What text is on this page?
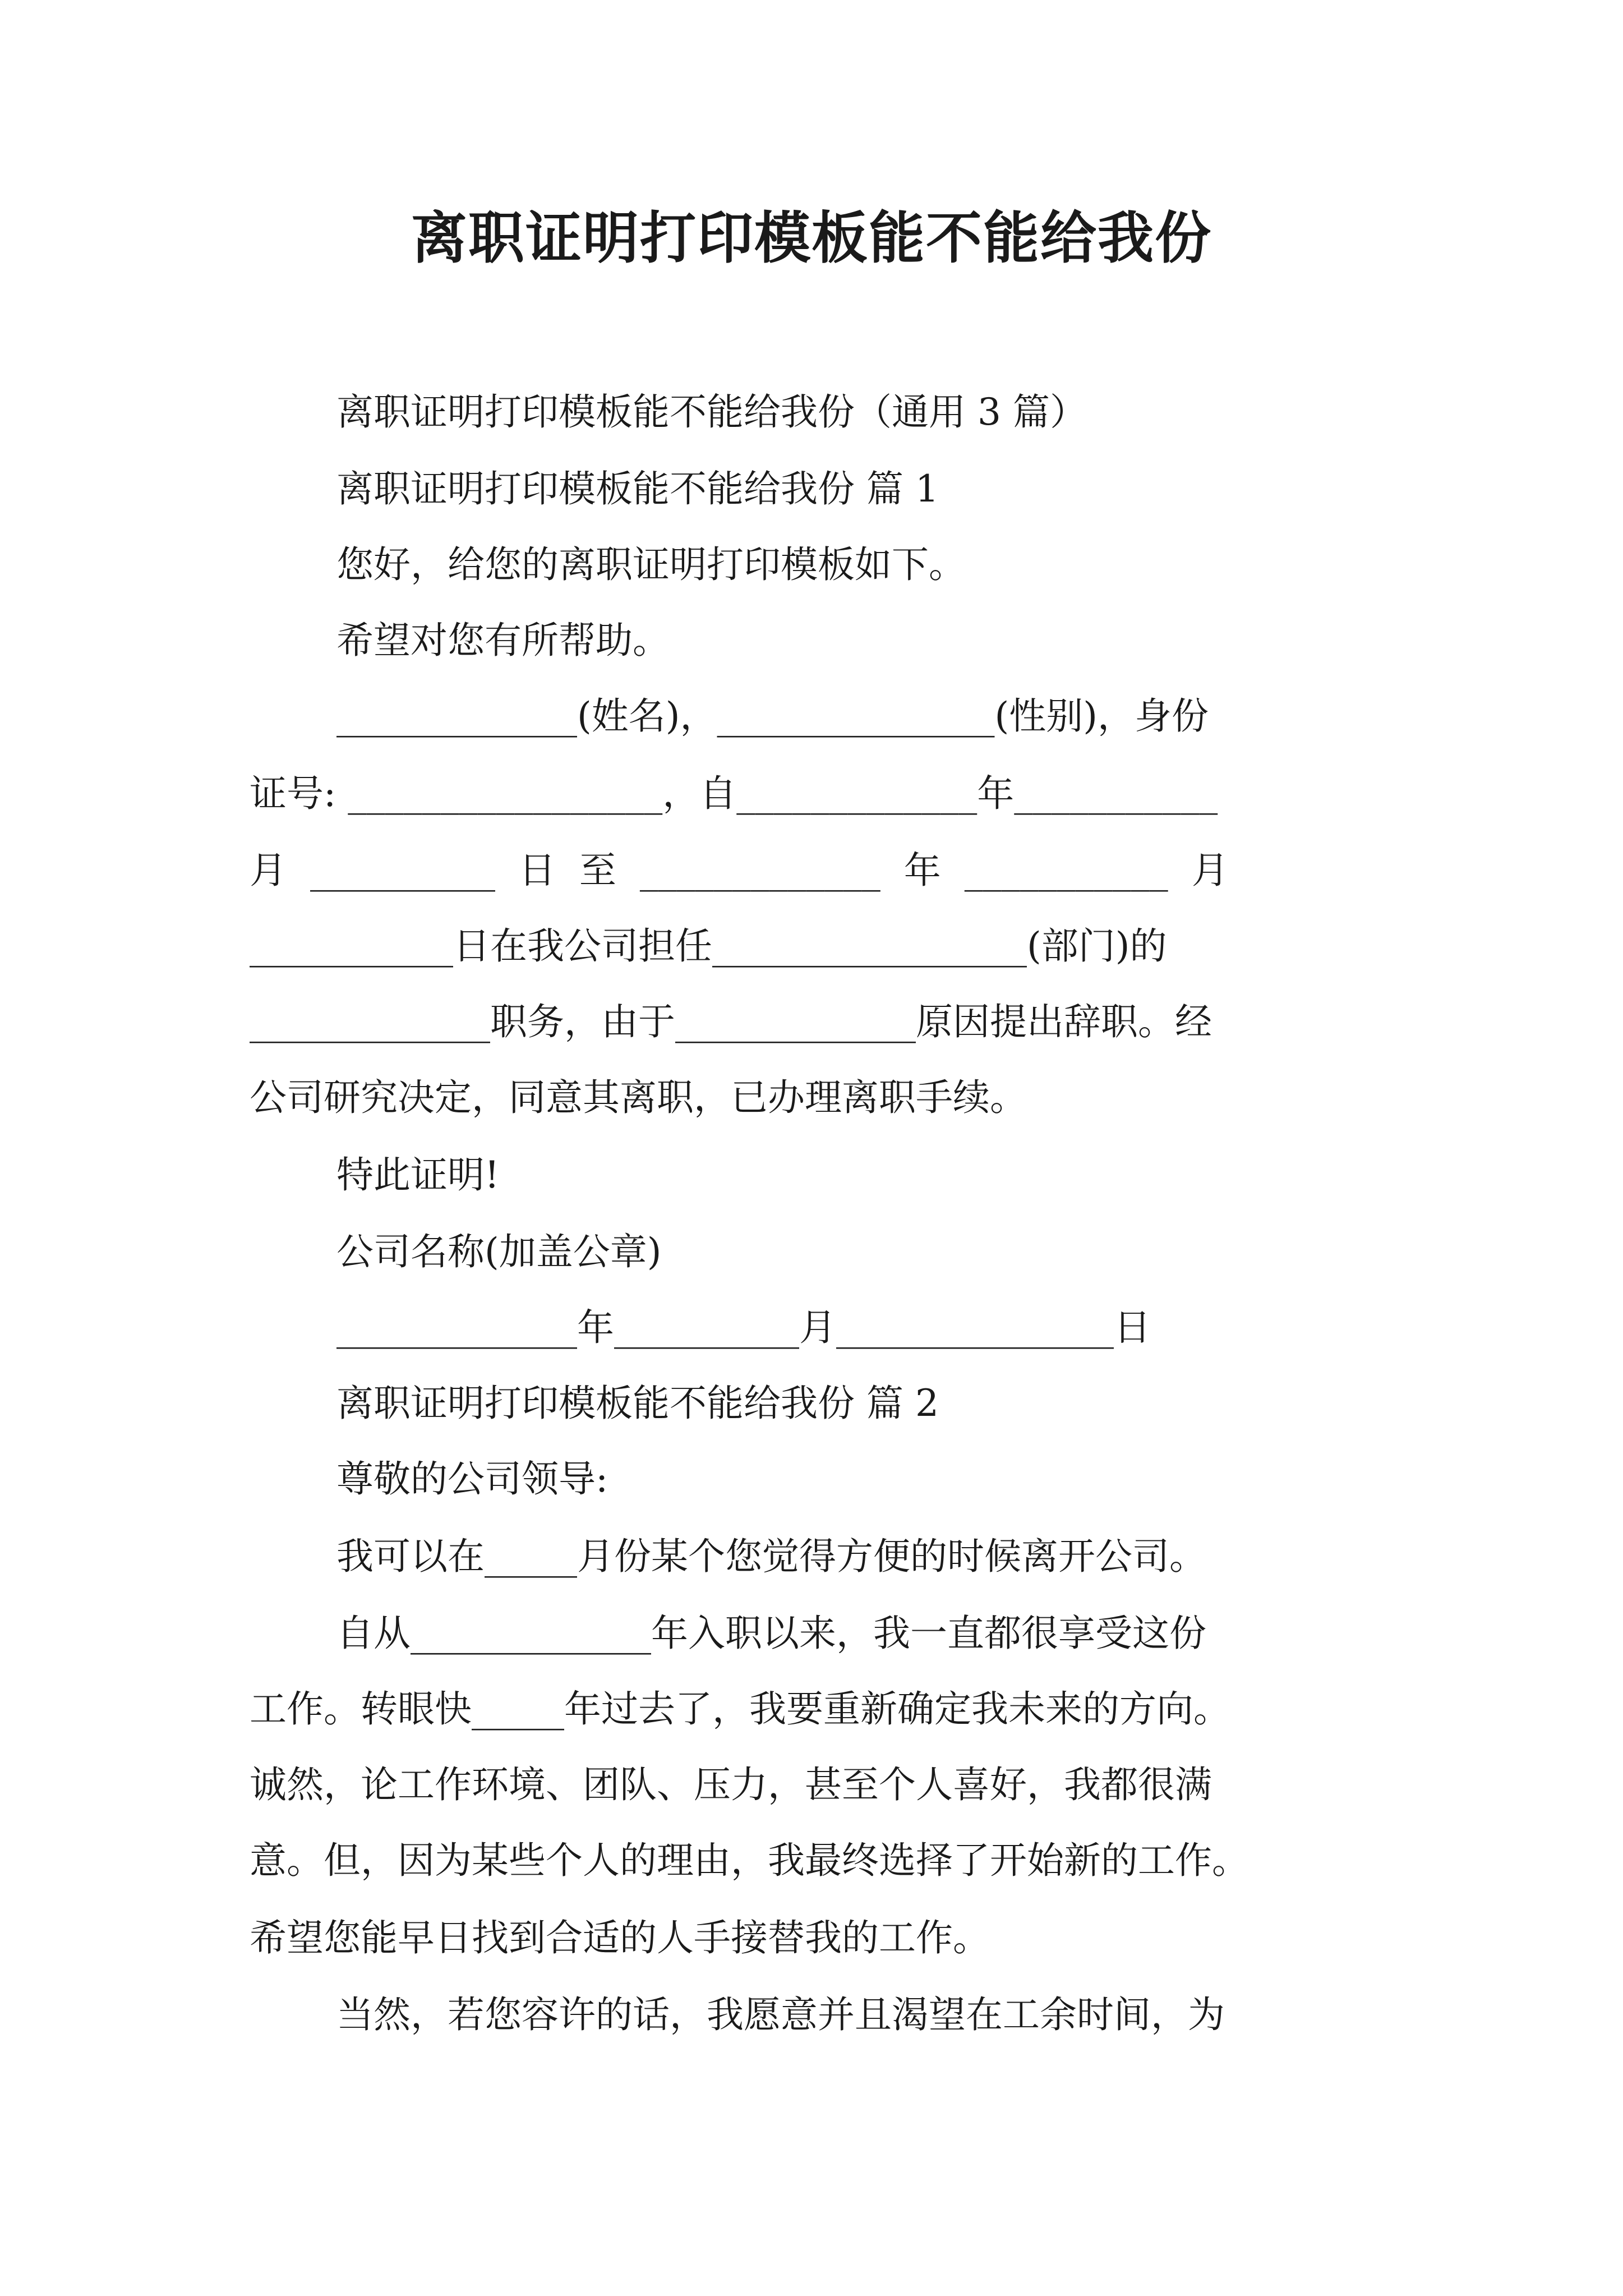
离职证明打印模板能不能给我份
离职证明打印模板能不能给我份（通用 3 篇）
离职证明打印模板能不能给我份 篇 1
您好，给您的离职证明打印模板如下。
希望对您有所帮助。
_____________(姓名)，_______________(性别)，身份
证号: _________________，自_____________年___________
月  __________  日  至  _____________  年  ___________  月
___________日在我公司担任_________________(部门)的
_____________职务，由于_____________原因提出辞职。经
公司研究决定，同意其离职，已办理离职手续。
特此证明!
公司名称(加盖公章)
_____________年__________月_______________日
离职证明打印模板能不能给我份 篇 2
尊敬的公司领导:
我可以在_____月份某个您觉得方便的时候离开公司。
自从_____________年入职以来，我一直都很享受这份
工作。转眼快_____年过去了，我要重新确定我未来的方向。
诚然，论工作环境、团队、压力，甚至个人喜好，我都很满
意。但，因为某些个人的理由，我最终选择了开始新的工作。
希望您能早日找到合适的人手接替我的工作。
当然，若您容许的话，我愿意并且渴望在工余时间，为
